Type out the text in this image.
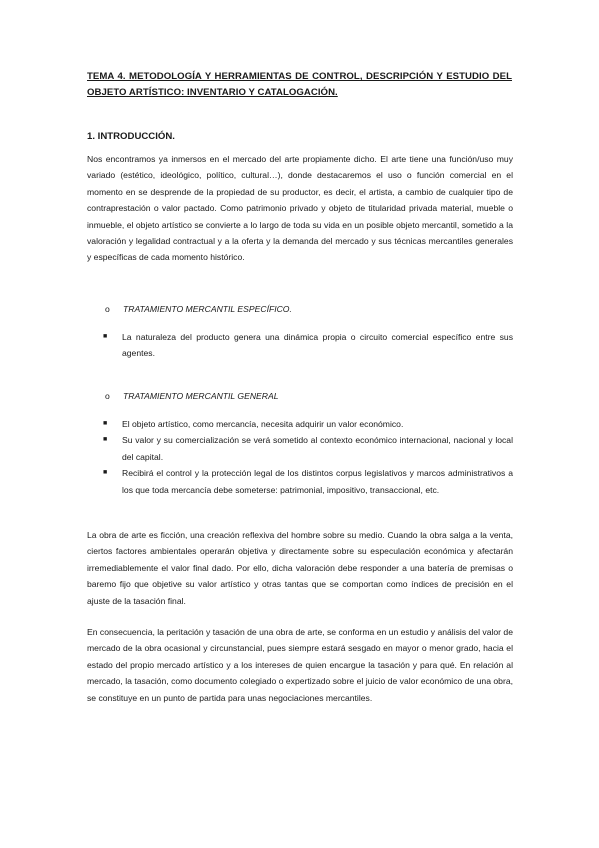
TEMA 4. METODOLOGÍA Y HERRAMIENTAS DE CONTROL, DESCRIPCIÓN Y ESTUDIO DEL OBJETO ARTÍSTICO: INVENTARIO Y CATALOGACIÓN.
1. INTRODUCCIÓN.

Nos encontramos ya inmersos en el mercado del arte propiamente dicho. El arte tiene una función/uso muy variado (estético, ideológico, político, cultural…), donde destacaremos el uso o función comercial en el momento en se desprende de la propiedad de su productor, es decir, el artista, a cambio de cualquier tipo de contraprestación o valor pactado. Como patrimonio privado y objeto de titularidad privada material, mueble o inmueble, el objeto artístico se convierte a lo largo de toda su vida en un posible objeto mercantil, sometido a la valoración y legalidad contractual y a la oferta y la demanda del mercado y sus técnicas mercantiles generales y específicas de cada momento histórico.

o TRATAMIENTO MERCANTIL ESPECÍFICO.
■ La naturaleza del producto genera una dinámica propia o circuito comercial específico entre sus agentes.
o TRATAMIENTO MERCANTIL GENERAL
■ El objeto artístico, como mercancía, necesita adquirir un valor económico.
■ Su valor y su comercialización se verá sometido al contexto económico internacional, nacional y local del capital.
■ Recibirá el control y la protección legal de los distintos corpus legislativos y marcos administrativos a los que toda mercancía debe someterse: patrimonial, impositivo, transaccional, etc.

La obra de arte es ficción, una creación reflexiva del hombre sobre su medio. Cuando la obra salga a la venta, ciertos factores ambientales operarán objetiva y directamente sobre su especulación económica y afectarán irremediablemente el valor final dado. Por ello, dicha valoración debe responder a una batería de premisas o baremo fijo que objetive su valor artístico y otras tantas que se comportan como índices de precisión en el ajuste de la tasación final.

En consecuencia, la peritación y tasación de una obra de arte, se conforma en un estudio y análisis del valor de mercado de la obra ocasional y circunstancial, pues siempre estará sesgado en mayor o menor grado, hacia el estado del propio mercado artístico y a los intereses de quien encargue la tasación y para qué. En relación al mercado, la tasación, como documento colegiado o expertizado sobre el juicio de valor económico de una obra, se constituye en un punto de partida para unas negociaciones mercantiles.
